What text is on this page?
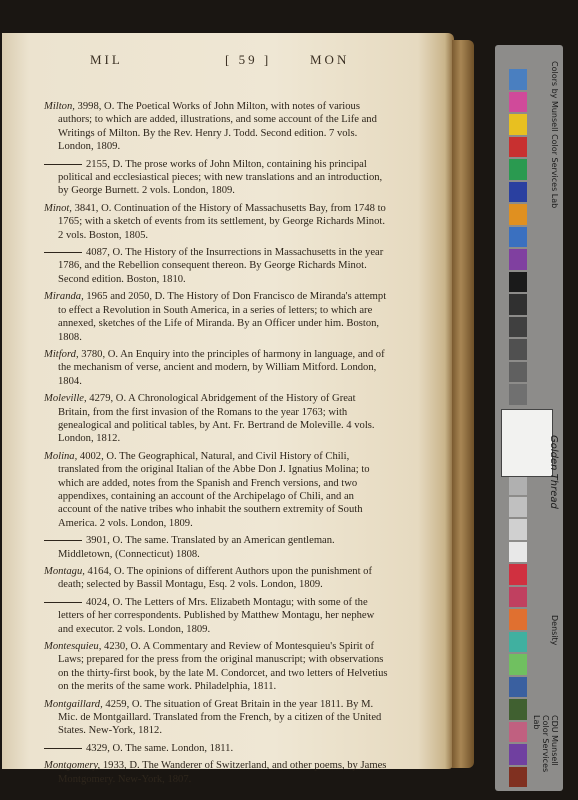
MIL	[ 59 ]	MON
Milton, 3998, O. The Poetical Works of John Milton, with notes of various authors; to which are added, illustrations, and some account of the Life and Writings of Milton. By the Rev. Henry J. Todd. Second edition. 7 vols. London, 1809.
2155, D. The prose works of John Milton, containing his principal political and ecclesiastical pieces; with new translations and an introduction, by George Burnett. 2 vols. London, 1809.
Minot, 3841, O. Continuation of the History of Massachusetts Bay, from 1748 to 1765; with a sketch of events from its settlement, by George Richards Minot. 2 vols. Boston, 1805.
4087, O. The History of the Insurrections in Massachusetts in the year 1786, and the Rebellion consequent thereon. By George Richards Minot. Second edition. Boston, 1810.
Miranda, 1965 and 2050, D. The History of Don Francisco de Miranda's attempt to effect a Revolution in South America, in a series of letters; to which are annexed, sketches of the Life of Miranda. By an Officer under him. Boston, 1808.
Mitford, 3780, O. An Enquiry into the principles of harmony in language, and of the mechanism of verse, ancient and modern, by William Mitford. London, 1804.
Moleville, 4279, O. A Chronological Abridgement of the History of Great Britain, from the first invasion of the Romans to the year 1763; with genealogical and political tables, by Ant. Fr. Bertrand de Moleville. 4 vols. London, 1812.
Molina, 4002, O. The Geographical, Natural, and Civil History of Chili, translated from the original Italian of the Abbe Don J. Ignatius Molina; to which are added, notes from the Spanish and French versions, and two appendixes, containing an account of the Archipelago of Chili, and an account of the native tribes who inhabit the southern extremity of South America. 2 vols. London, 1809.
3901, O. The same. Translated by an American gentleman. Middletown, (Connecticut) 1808.
Montagu, 4164, O. The opinions of different Authors upon the punishment of death; selected by Bassil Montagu, Esq. 2 vols. London, 1809.
4024, O. The Letters of Mrs. Elizabeth Montagu; with some of the letters of her correspondents. Published by Matthew Montagu, her nephew and executor. 2 vols. London, 1809.
Montesquieu, 4230, O. A Commentary and Review of Montesquieu's Spirit of Laws; prepared for the press from the original manuscript; with observations on the thirty-first book, by the late M. Condorcet, and two letters of Helvetius on the merits of the same work. Philadelphia, 1811.
Montgaillard, 4259, O. The situation of Great Britain in the year 1811. By M. Mic. de Montgaillard. Translated from the French, by a citizen of the United States. New-York, 1812.
4329, O. The same. London, 1811.
Montgomery, 1933, D. The Wanderer of Switzerland, and other poems, by James Montgomery. New-York, 1807.
Colors by Munsell Color Services Lab
Golden Thread
Density
CDU Munsell Color Services Lab
